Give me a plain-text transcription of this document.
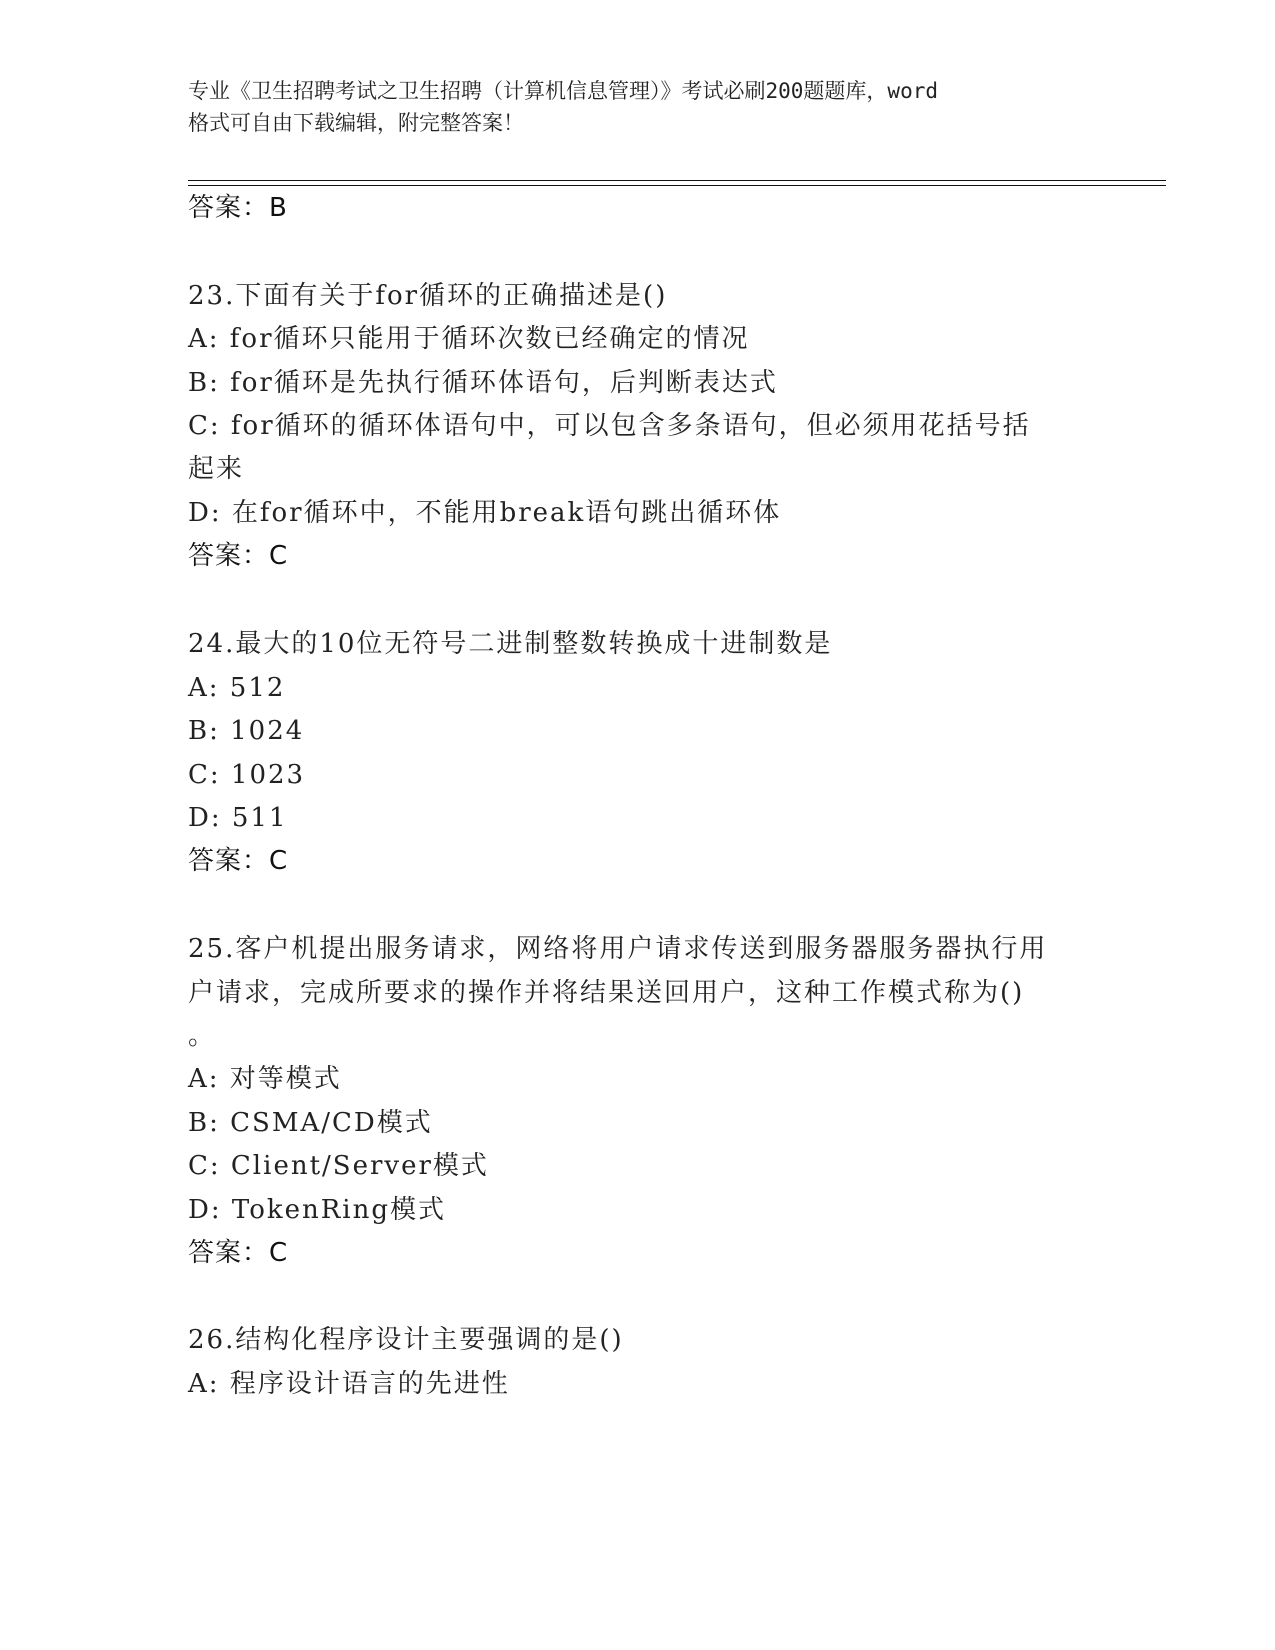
专业《卫生招聘考试之卫生招聘（计算机信息管理）》考试必刷200题题库，word
格式可自由下载编辑，附完整答案！
答案：B
23.下面有关于for循环的正确描述是()
A: for循环只能用于循环次数已经确定的情况
B: for循环是先执行循环体语句，后判断表达式
C: for循环的循环体语句中，可以包含多条语句，但必须用花括号括
起来
D: 在for循环中，不能用break语句跳出循环体
答案：C
24.最大的10位无符号二进制整数转换成十进制数是
A: 512
B: 1024
C: 1023
D: 511
答案：C
25.客户机提出服务请求，网络将用户请求传送到服务器服务器执行用
户请求，完成所要求的操作并将结果送回用户，这种工作模式称为()
。
A: 对等模式
B: CSMA/CD模式
C: Client/Server模式
D: TokenRing模式
答案：C
26.结构化程序设计主要强调的是()
A: 程序设计语言的先进性
